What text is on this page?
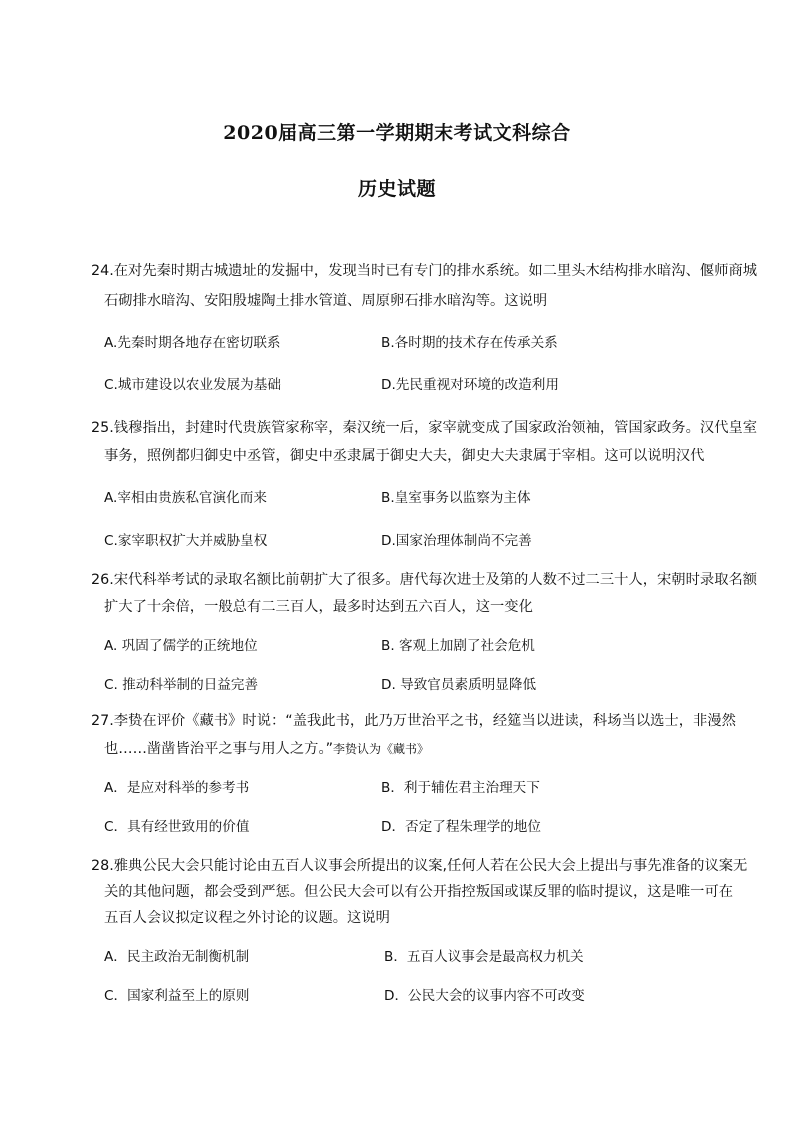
2020届高三第一学期期末考试文科综合
历史试题
24.在对先秦时期古城遗址的发掘中，发现当时已有专门的排水系统。如二里头木结构排水暗沟、偃师商城
石砌排水暗沟、安阳殷墟陶土排水管道、周原卵石排水暗沟等。这说明
A.先秦时期各地存在密切联系	B.各时期的技术存在传承关系
C.城市建设以农业发展为基础	D.先民重视对环境的改造利用
25.钱穆指出，封建时代贵族管家称宰，秦汉统一后，家宰就变成了国家政治领袖，管国家政务。汉代皇室
事务，照例都归御史中丞管，御史中丞隶属于御史大夫，御史大夫隶属于宰相。这可以说明汉代
A.宰相由贵族私官演化而来	B.皇室事务以监察为主体
C.家宰职权扩大并威胁皇权	D.国家治理体制尚不完善
26.宋代科举考试的录取名额比前朝扩大了很多。唐代每次进士及第的人数不过二三十人，宋朝时录取名额
扩大了十余倍，一般总有二三百人，最多时达到五六百人，这一变化
A. 巩固了儒学的正统地位	B. 客观上加剧了社会危机
C. 推动科举制的日益完善	D. 导致官员素质明显降低
27.李贽在评价《藏书》时说：“盖我此书，此乃万世治平之书，经筵当以进读，科场当以选士，非漫然
也……凿凿皆治平之事与用人之方。”李贽认为《藏书》
A．是应对科举的参考书	B．利于辅佐君主治理天下
C．具有经世致用的价值	D．否定了程朱理学的地位
28.雅典公民大会只能讨论由五百人议事会所提出的议案,任何人若在公民大会上提出与事先准备的议案无
关的其他问题，都会受到严惩。但公民大会可以有公开指控叛国或谋反罪的临时提议，这是唯一可在
五百人会议拟定议程之外讨论的议题。这说明
A．民主政治无制衡机制	B．五百人议事会是最高权力机关
C．国家利益至上的原则	D．公民大会的议事内容不可改变
